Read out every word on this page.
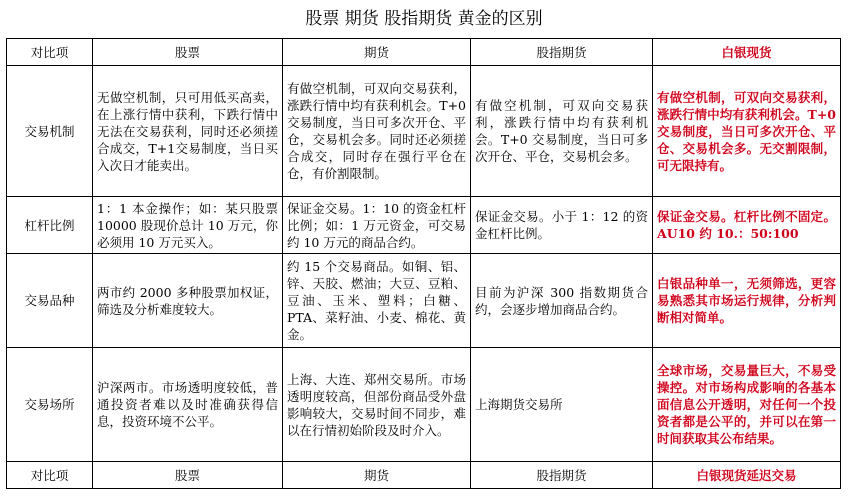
股票 期货 股指期货 黄金的区别
对比项	股票	期货	股指期货	白银现货
交易机制	无做空机制，只可用低买高卖，在上涨行情中获利，下跌行情中无法在交易获利，同时还必须搓合成交，T+1交易制度，当日买入次日才能卖出。	有做空机制，可双向交易获利，涨跌行情中均有获利机会。T+0 交易制度，当日可多次开仓、平仓，交易机会多。同时还必须搓合成交，同时存在强行平仓在仓，有价割限制。	有做空机制，可双向交易获利，涨跌行情中均有获利机会。T+0 交易制度，当日可多次开仓、平仓，交易机会多。	有做空机制，可双向交易获利，涨跌行情中均有获利机会。T+0 交易制度，当日可多次开仓、平仓、交易机会多。无交割限制，可无限持有。
杠杆比例	1：1 本金操作；如：某只股票 10000 股现价总计 10 万元，你必须用 10 万元买入。	保证金交易。1：10 的资金杠杆比例；如：1 万元资金，可交易约 10 万元的商品合约。	保证金交易。小于 1：12 的资金杠杆比例。	保证金交易。杠杆比例不固定。AU10 约 10.：50:100
交易品种	两市约 2000 多种股票加权证，筛选及分析难度较大。	约 15 个交易商品。如铜、铝、锌、天胶、燃油；大豆、豆粕、豆油、玉米、塑料；白糖、PTA、菜籽油、小麦、棉花、黄金。	目前为沪深 300 指数期货合约，会逐步增加商品合约。	白银品种单一，无须筛选，更容易熟悉其市场运行规律，分析判断相对简单。
交易场所	沪深两市。市场透明度较低，普通投资者难以及时准确获得信息，投资环境不公平。	上海、大连、郑州交易所。市场透明度较高，但部份商品受外盘影响较大，交易时间不同步，难以在行情初始阶段及时介入。	上海期货交易所	全球市场，交易量巨大，不易受操控。对市场构成影响的各基本面信息公开透明，对任何一个投资者都是公平的，并可以在第一时间获取其公布结果。
对比项	股票	期货	股指期货	白银现货延迟交易
